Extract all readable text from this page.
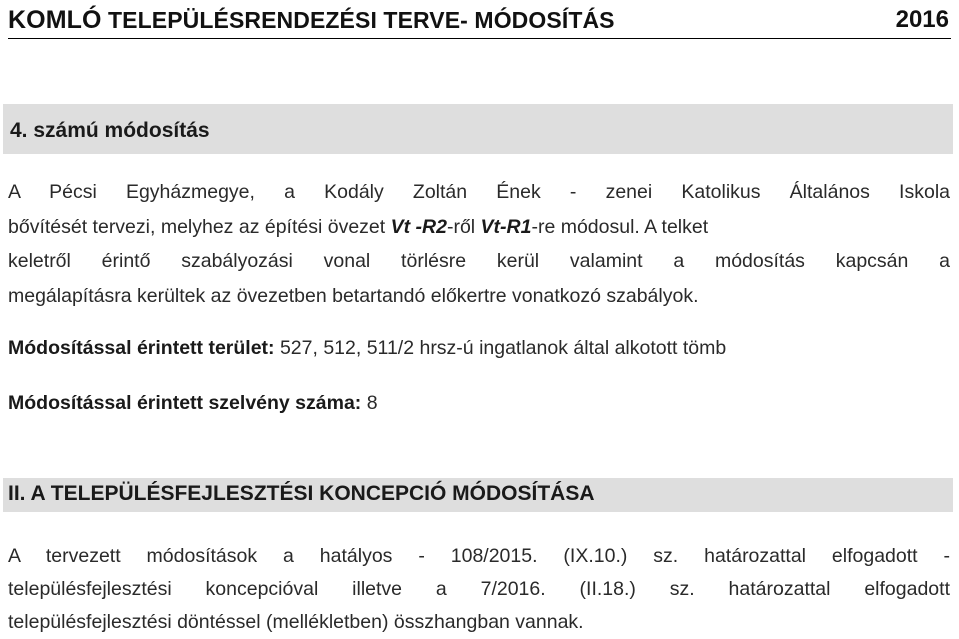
KOMLÓ TELEPÜLÉSRENDEZÉSI TERVE- MÓDOSÍTÁS	2016
4. számú módosítás
A Pécsi Egyházmegye, a Kodály Zoltán Ének - zenei Katolikus Általános Iskola
bővítését tervezi, melyhez az építési övezet Vt -R2-ről Vt-R1-re módosul. A telket
keletről érintő szabályozási vonal törlésre kerül valamint a módosítás kapcsán a
megálapításra kerültek az övezetben betartandó előkertre vonatkozó szabályok.
Módosítással érintett terület: 527, 512, 511/2 hrsz-ú ingatlanok által alkotott tömb
Módosítással érintett szelvény száma: 8
II. A TELEPÜLÉSFEJLESZTÉSI KONCEPCIÓ MÓDOSÍTÁSA
A tervezett módosítások a hatályos - 108/2015. (IX.10.) sz. határozattal elfogadott -
településfejlesztési koncepcióval illetve a 7/2016. (II.18.) sz. határozattal elfogadott
településfejlesztési döntéssel (mellékletben) összhangban vannak.
